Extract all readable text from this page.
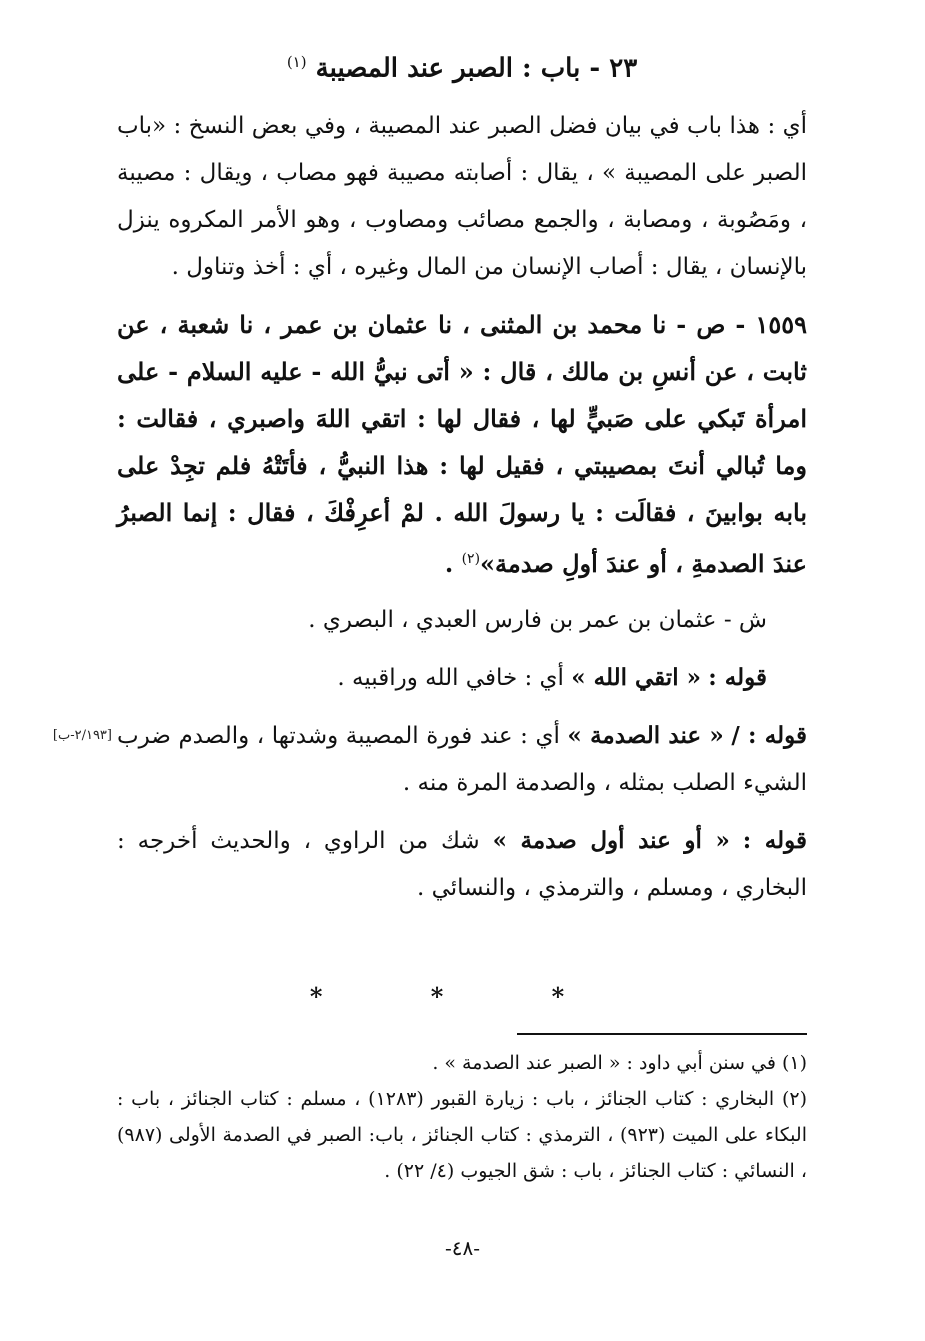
٢٣ - باب : الصبر عند المصيبة $^{(١)}$

أي : هذا باب في بيان فضل الصبر عند المصيبة ، وفي بعض النسخ : «باب الصبر على المصيبة » ، يقال : أصابته مصيبة فهو مصاب ، ويقال : مصيبة ، ومَصُوبة ، ومصابة ، والجمع مصائب ومصاوب ، وهو الأمر المكروه ينزل بالإنسان ، يقال : أصاب الإنسان من المال وغيره ، أي : أخذ وتناول .

١٥٥٩ - ص - نا محمد بن المثنى ، نا عثمان بن عمر ، نا شعبة ، عن ثابت ، عن أنسِ بن مالك ، قال : « أتى نبيُّ الله - عليه السلام - على امرأة تَبكي على صَبيٍّ لها ، فقال لها : اتقي اللهَ واصبري ، فقالت : وما تُبالي أنتَ بمصيبتي ، فقيل لها : هذا النبيُّ ، فأتَتْهُ فلم تجِدْ على بابه بوابينَ ، فقالَت : يا رسولَ الله . لمْ أعرِفْكَ ، فقال : إنما الصبرُ عندَ الصدمةِ ، أو عندَ أولِ صدمة»$^{(٢)}$ .

ش - عثمان بن عمر بن فارس العبدي ، البصري .

قوله : « اتقي الله » أي : خافي الله وراقبيه .

[٢/١٩٣-ب]	قوله : / « عند الصدمة » أي : عند فورة المصيبة وشدتها ، والصدم ضرب الشيء الصلب بمثله ، والصدمة المرة منه .

قوله : « أو عند أول صدمة » شك من الراوي ، والحديث أخرجه : البخاري ، ومسلم ، والترمذي ، والنسائي .

* * *

(١) في سنن أبي داود : « الصبر عند الصدمة » .

(٢) البخاري : كتاب الجنائز ، باب : زيارة القبور (١٢٨٣) ، مسلم : كتاب الجنائز ، باب : البكاء على الميت (٩٢٣) ، الترمذي : كتاب الجنائز ، باب: الصبر في الصدمة الأولى (٩٨٧) ، النسائي : كتاب الجنائز ، باب : شق الجيوب (٤/ ٢٢) .

-٤٨-
